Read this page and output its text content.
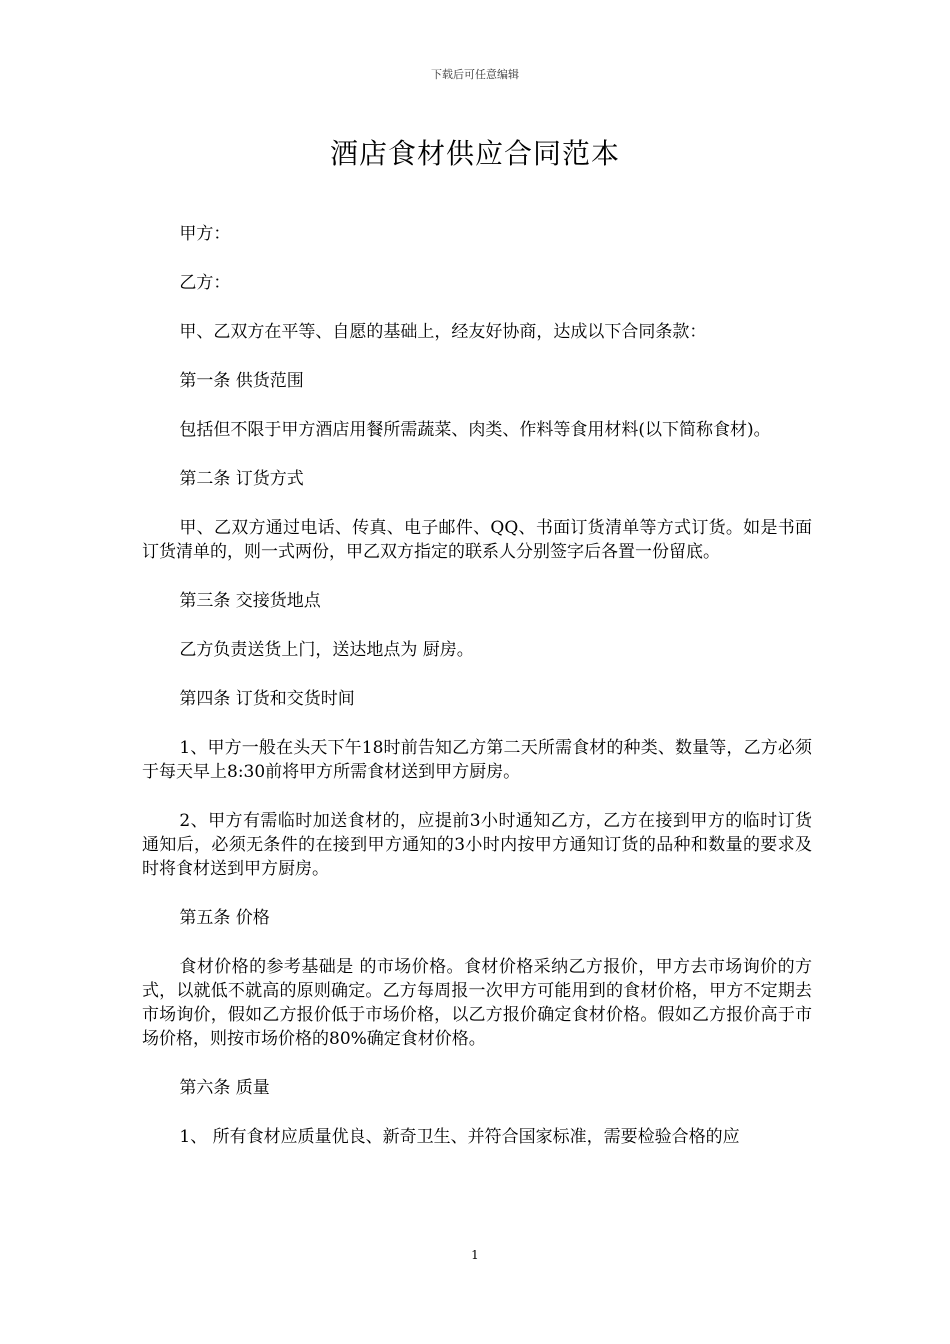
下载后可任意编辑
酒店食材供应合同范本

甲方：

乙方：

甲、乙双方在平等、自愿的基础上，经友好协商，达成以下合同条款：

第一条 供货范围

包括但不限于甲方酒店用餐所需蔬菜、肉类、作料等食用材料(以下简称食材)。

第二条 订货方式

甲、乙双方通过电话、传真、电子邮件、QQ、书面订货清单等方式订货。如是书面订货清单的，则一式两份，甲乙双方指定的联系人分别签字后各置一份留底。

第三条 交接货地点

乙方负责送货上门，送达地点为 厨房。

第四条 订货和交货时间

1、甲方一般在头天下午18时前告知乙方第二天所需食材的种类、数量等，乙方必须于每天早上8:30前将甲方所需食材送到甲方厨房。

2、甲方有需临时加送食材的，应提前3小时通知乙方，乙方在接到甲方的临时订货通知后，必须无条件的在接到甲方通知的3小时内按甲方通知订货的品种和数量的要求及时将食材送到甲方厨房。

第五条 价格

食材价格的参考基础是 的市场价格。食材价格采纳乙方报价，甲方去市场询价的方式，以就低不就高的原则确定。乙方每周报一次甲方可能用到的食材价格，甲方不定期去市场询价，假如乙方报价低于市场价格，以乙方报价确定食材价格。假如乙方报价高于市场价格，则按市场价格的80%确定食材价格。

第六条 质量

1、 所有食材应质量优良、新奇卫生、并符合国家标准，需要检验合格的应

1
